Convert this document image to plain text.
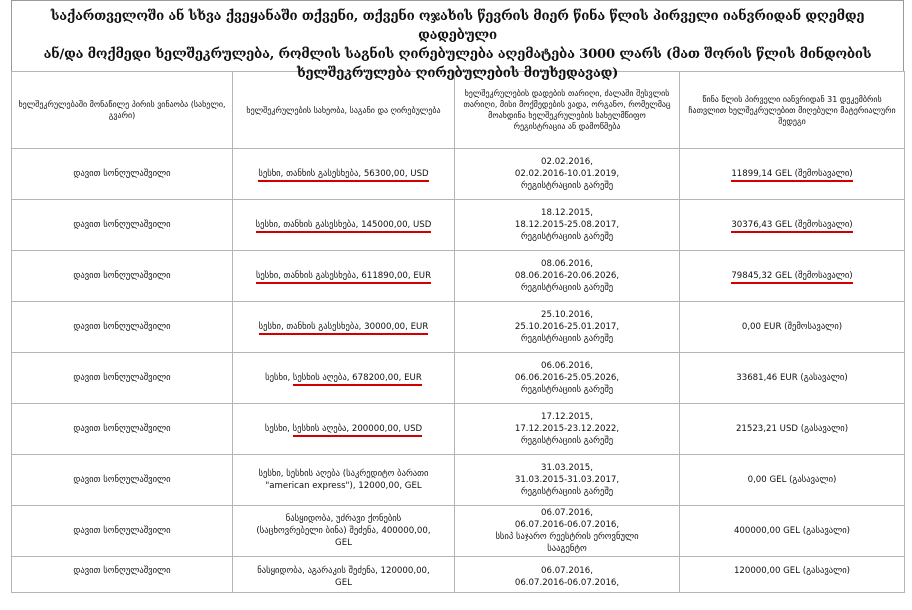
საქართველოში ან სხვა ქვეყანაში თქვენი, თქვენი ოჯახის წევრის მიერ წინა წლის პირველი იანვრიდან დღემდე დადებული
ან/და მოქმედი ხელშეკრულება, რომლის საგნის ღირებულება აღემატება 3000 ლარს (მათ შორის წლის მინდობის
ხელშეკრულება ღირებულების მიუხედავად)
ხელშეკრულებაში მონაწილე პირის ვინაობა (სახელი, გვარი)	ხელშეკრულების სახეობა, საგანი და ღირებულება	ხელშეკრულების დადების თარიღი, ძალაში შესვლის თარიღი, მისი მოქმედების ვადა, ორგანო, რომელმაც მოახდინა ხელშეკრულების სახელმწიფო რეგისტრაცია ან დამოწმება	წინა წლის პირველი იანვრიდან 31 დეკემბრის ჩათვლით ხელშეკრულებით მიღებული მატერიალური შედეგი
დავით სონღულაშვილი	სესხი, თანხის გასესხება, 56300,00, USD	02.02.2016,
02.02.2016-10.01.2019,
რეგისტრაციის გარეშე	11899,14 GEL (შემოსავალი)
დავით სონღულაშვილი	სესხი, თანხის გასესხება, 145000,00, USD	18.12.2015,
18.12.2015-25.08.2017,
რეგისტრაციის გარეშე	30376,43 GEL (შემოსავალი)
დავით სონღულაშვილი	სესხი, თანხის გასესხება, 611890,00, EUR	08.06.2016,
08.06.2016-20.06.2026,
რეგისტრაციის გარეშე	79845,32 GEL (შემოსავალი)
დავით სონღულაშვილი	სესხი, თანხის გასესხება, 30000,00, EUR	25.10.2016,
25.10.2016-25.01.2017,
რეგისტრაციის გარეშე	0,00 EUR (შემოსავალი)
დავით სონღულაშვილი	სესხი, სესხის აღება, 678200,00, EUR	06.06.2016,
06.06.2016-25.05.2026,
რეგისტრაციის გარეშე	33681,46 EUR (გასავალი)
დავით სონღულაშვილი	სესხი, სესხის აღება, 200000,00, USD	17.12.2015,
17.12.2015-23.12.2022,
რეგისტრაციის გარეშე	21523,21 USD (გასავალი)
დავით სონღულაშვილი	სესხი, სესხის აღება (საკრედიტო ბარათი
"american express"), 12000,00, GEL	31.03.2015,
31.03.2015-31.03.2017,
რეგისტრაციის გარეშე	0,00 GEL (გასავალი)
დავით სონღულაშვილი	ნასყიდობა, უძრავი ქონების
(საცხოვრებელი ბინა) შეძენა, 400000,00,
GEL	06.07.2016,
06.07.2016-06.07.2016,
სსიპ საჯარო რეესტრის ეროვნული
სააგენტო	400000,00 GEL (გასავალი)
დავით სონღულაშვილი	ნასყიდობა, აგარაკის შეძენა, 120000,00,
GEL	06.07.2016,
06.07.2016-06.07.2016,	120000,00 GEL (გასავალი)
